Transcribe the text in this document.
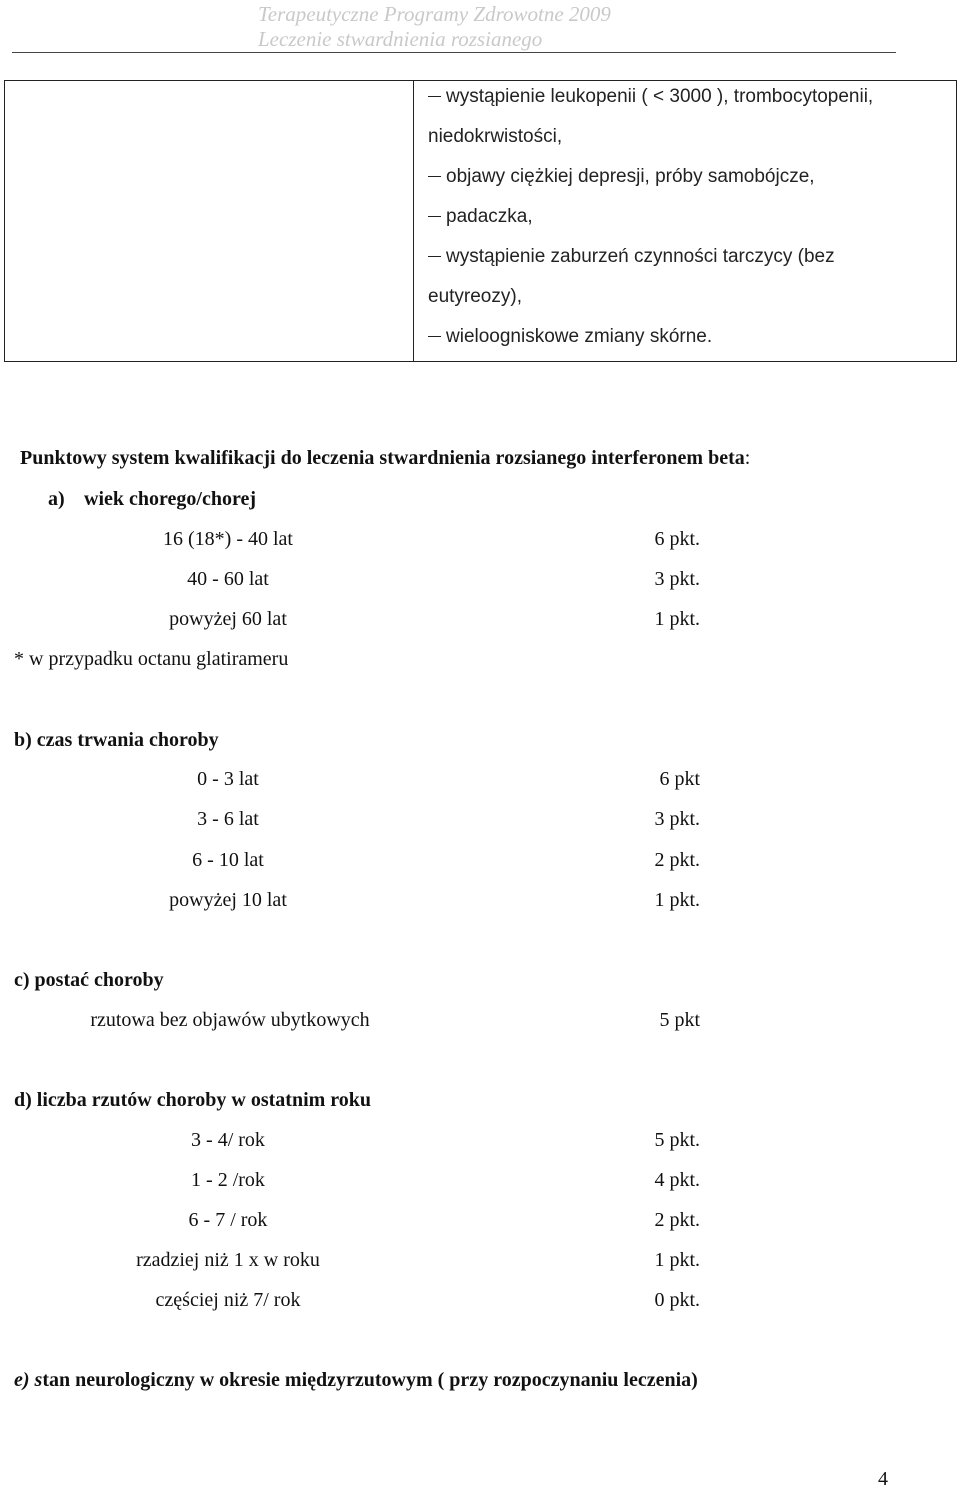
Terapeutyczne Programy Zdrowotne 2009
Leczenie stwardnienia rozsianego
wystąpienie leukopenii ( < 3000 ), trombocytopenii,
niedokrwistości,
objawy ciężkiej depresji, próby samobójcze,
padaczka,
wystąpienie zaburzeń czynności tarczycy (bez
eutyreozy),
wieloogniskowe zmiany skórne.
Punktowy system kwalifikacji do leczenia stwardnienia rozsianego interferonem beta:
a) wiek chorego/chorej
16 (18*) - 40 lat	6 pkt.
40 - 60 lat	3 pkt.
powyżej 60 lat	1 pkt.
* w przypadku octanu glatirameru
b) czas trwania choroby
0 - 3 lat	6 pkt
3 - 6 lat	3 pkt.
6 - 10 lat	2 pkt.
powyżej 10 lat	1 pkt.
c) postać choroby
rzutowa bez objawów ubytkowych	5 pkt
d) liczba rzutów choroby w ostatnim roku
3 - 4/ rok	5 pkt.
1 - 2 /rok	4 pkt.
6 - 7 / rok	2 pkt.
rzadziej niż 1 x w roku	1 pkt.
częściej niż 7/ rok	0 pkt.
e) stan neurologiczny w okresie międzyrzutowym ( przy rozpoczynaniu leczenia)
4
